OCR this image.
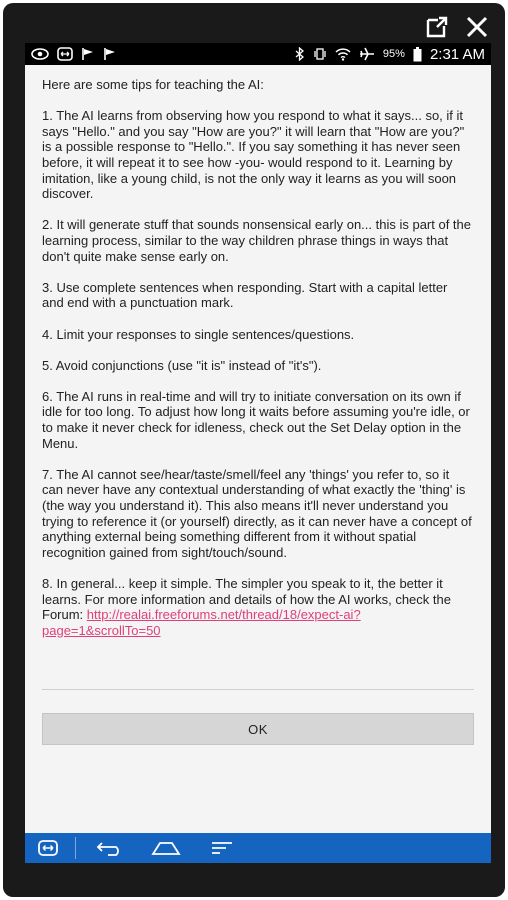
95% 2:31 AM

Here are some tips for teaching the AI:

1. The AI learns from observing how you respond to what it says... so, if it says "Hello." and you say "How are you?" it will learn that "How are you?" is a possible response to "Hello.". If you say something it has never seen before, it will repeat it to see how -you- would respond to it. Learning by imitation, like a young child, is not the only way it learns as you will soon discover.

2. It will generate stuff that sounds nonsensical early on... this is part of the learning process, similar to the way children phrase things in ways that don't quite make sense early on.

3. Use complete sentences when responding. Start with a capital letter and end with a punctuation mark.

4. Limit your responses to single sentences/questions.

5. Avoid conjunctions (use "it is" instead of "it's").

6. The AI runs in real-time and will try to initiate conversation on its own if idle for too long. To adjust how long it waits before assuming you're idle, or to make it never check for idleness, check out the Set Delay option in the Menu.

7. The AI cannot see/hear/taste/smell/feel any 'things' you refer to, so it can never have any contextual understanding of what exactly the 'thing' is (the way you understand it). This also means it'll never understand you trying to reference it (or yourself) directly, as it can never have a concept of anything external being something different from it without spatial recognition gained from sight/touch/sound.

8. In general... keep it simple. The simpler you speak to it, the better it learns. For more information and details of how the AI works, check the Forum: http://realai.freeforums.net/thread/18/expect-ai?page=1&scrollTo=50

OK
